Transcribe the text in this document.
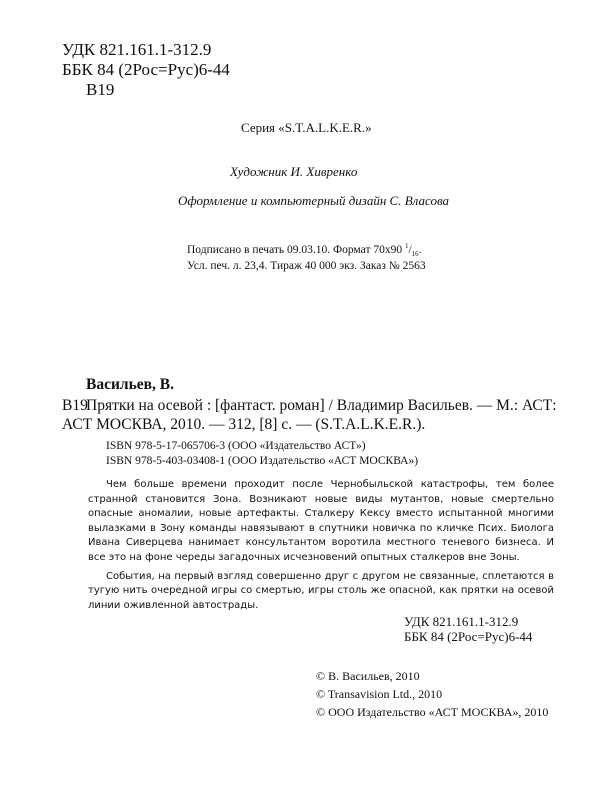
УДК 821.161.1-312.9
ББК 84 (2Рос=Рус)6-44
В19
Серия «S.T.A.L.K.E.R.»
Художник И. Хивренко
Оформление и компьютерный дизайн С. Власова
Подписано в печать 09.03.10. Формат 70х90 $^1/_{16}$.
Усл. печ. л. 23,4. Тираж 40 000 экз. Заказ № 2563
Васильев, В.
В19
Прятки на осевой : [фантаст. роман] / Владимир Васильев. — М.: АСТ:
АСТ МОСКВА, 2010. — 312, [8] с. — (S.T.A.L.K.E.R.).
ISBN 978-5-17-065706-3 (ООО «Издательство АСТ»)
ISBN 978-5-403-03408-1 (ООО Издательство «АСТ МОСКВА»)

Чем больше времени проходит после Чернобыльской катастрофы, тем более странной становится Зона. Возникают новые виды мутантов, новые смертельно опасные аномалии, новые артефакты. Сталкеру Кексу вместо испытанной многими вылазками в Зону команды навязывают в спутники новичка по кличке Псих. Биолога Ивана Сиверцева нанимает консультантом воротила местного теневого бизнеса. И все это на фоне череды загадочных исчезновений опытных сталкеров вне Зоны.

События, на первый взгляд совершенно друг с другом не связанные, сплетаются в тугую нить очередной игры со смертью, игры столь же опасной, как прятки на осевой линии оживленной автострады.

УДК 821.161.1-312.9
ББК 84 (2Рос=Рус)6-44
© В. Васильев, 2010
© Transavision Ltd., 2010
© ООО Издательство «АСТ МОСКВА», 2010
